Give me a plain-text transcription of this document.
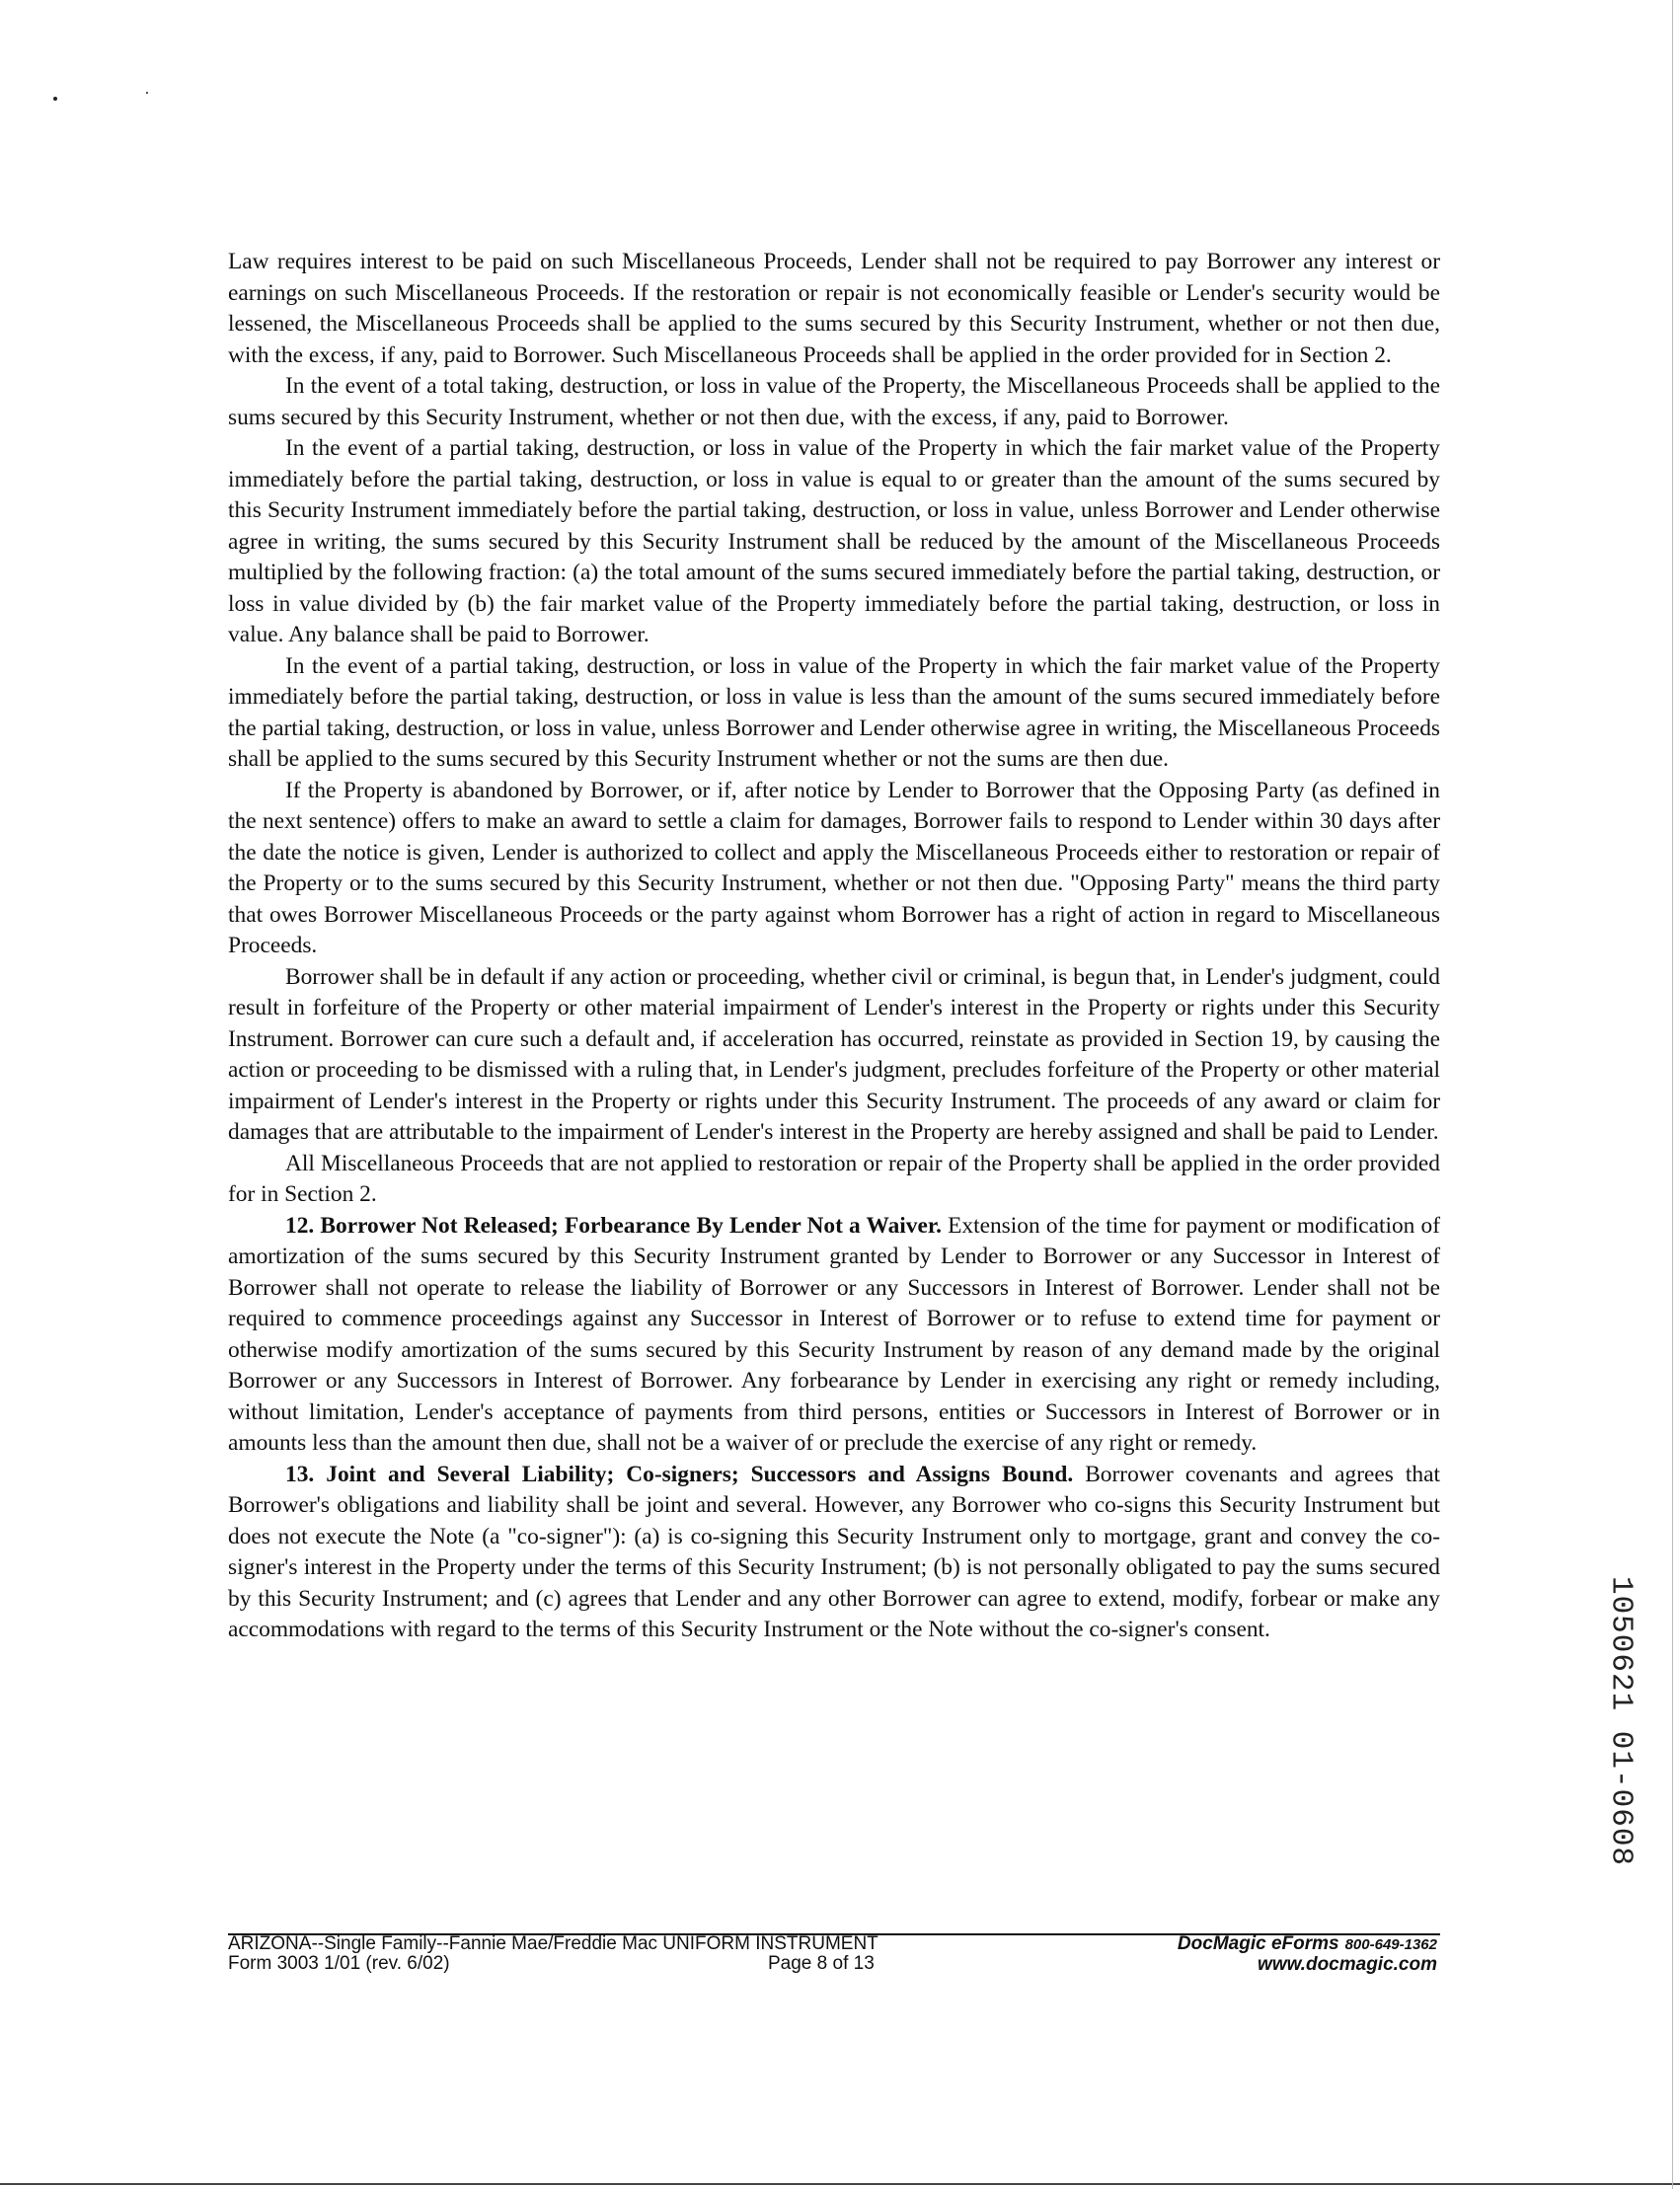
Law requires interest to be paid on such Miscellaneous Proceeds, Lender shall not be required to pay Borrower any interest or earnings on such Miscellaneous Proceeds. If the restoration or repair is not economically feasible or Lender's security would be lessened, the Miscellaneous Proceeds shall be applied to the sums secured by this Security Instrument, whether or not then due, with the excess, if any, paid to Borrower. Such Miscellaneous Proceeds shall be applied in the order provided for in Section 2.

In the event of a total taking, destruction, or loss in value of the Property, the Miscellaneous Proceeds shall be applied to the sums secured by this Security Instrument, whether or not then due, with the excess, if any, paid to Borrower.

In the event of a partial taking, destruction, or loss in value of the Property in which the fair market value of the Property immediately before the partial taking, destruction, or loss in value is equal to or greater than the amount of the sums secured by this Security Instrument immediately before the partial taking, destruction, or loss in value, unless Borrower and Lender otherwise agree in writing, the sums secured by this Security Instrument shall be reduced by the amount of the Miscellaneous Proceeds multiplied by the following fraction: (a) the total amount of the sums secured immediately before the partial taking, destruction, or loss in value divided by (b) the fair market value of the Property immediately before the partial taking, destruction, or loss in value. Any balance shall be paid to Borrower.

In the event of a partial taking, destruction, or loss in value of the Property in which the fair market value of the Property immediately before the partial taking, destruction, or loss in value is less than the amount of the sums secured immediately before the partial taking, destruction, or loss in value, unless Borrower and Lender otherwise agree in writing, the Miscellaneous Proceeds shall be applied to the sums secured by this Security Instrument whether or not the sums are then due.

If the Property is abandoned by Borrower, or if, after notice by Lender to Borrower that the Opposing Party (as defined in the next sentence) offers to make an award to settle a claim for damages, Borrower fails to respond to Lender within 30 days after the date the notice is given, Lender is authorized to collect and apply the Miscellaneous Proceeds either to restoration or repair of the Property or to the sums secured by this Security Instrument, whether or not then due. "Opposing Party" means the third party that owes Borrower Miscellaneous Proceeds or the party against whom Borrower has a right of action in regard to Miscellaneous Proceeds.

Borrower shall be in default if any action or proceeding, whether civil or criminal, is begun that, in Lender's judgment, could result in forfeiture of the Property or other material impairment of Lender's interest in the Property or rights under this Security Instrument. Borrower can cure such a default and, if acceleration has occurred, reinstate as provided in Section 19, by causing the action or proceeding to be dismissed with a ruling that, in Lender's judgment, precludes forfeiture of the Property or other material impairment of Lender's interest in the Property or rights under this Security Instrument. The proceeds of any award or claim for damages that are attributable to the impairment of Lender's interest in the Property are hereby assigned and shall be paid to Lender.

All Miscellaneous Proceeds that are not applied to restoration or repair of the Property shall be applied in the order provided for in Section 2.

12. Borrower Not Released; Forbearance By Lender Not a Waiver. Extension of the time for payment or modification of amortization of the sums secured by this Security Instrument granted by Lender to Borrower or any Successor in Interest of Borrower shall not operate to release the liability of Borrower or any Successors in Interest of Borrower. Lender shall not be required to commence proceedings against any Successor in Interest of Borrower or to refuse to extend time for payment or otherwise modify amortization of the sums secured by this Security Instrument by reason of any demand made by the original Borrower or any Successors in Interest of Borrower. Any forbearance by Lender in exercising any right or remedy including, without limitation, Lender's acceptance of payments from third persons, entities or Successors in Interest of Borrower or in amounts less than the amount then due, shall not be a waiver of or preclude the exercise of any right or remedy.

13. Joint and Several Liability; Co-signers; Successors and Assigns Bound. Borrower covenants and agrees that Borrower's obligations and liability shall be joint and several. However, any Borrower who co-signs this Security Instrument but does not execute the Note (a "co-signer"): (a) is co-signing this Security Instrument only to mortgage, grant and convey the co-signer's interest in the Property under the terms of this Security Instrument; (b) is not personally obligated to pay the sums secured by this Security Instrument; and (c) agrees that Lender and any other Borrower can agree to extend, modify, forbear or make any accommodations with regard to the terms of this Security Instrument or the Note without the co-signer's consent.	1050621 01-0608
ARIZONA--Single Family--Fannie Mae/Freddie Mac UNIFORM INSTRUMENT
Form 3003 1/01 (rev. 6/02)	Page 8 of 13
DocMagic eForms 800-649-1362
www.docmagic.com
